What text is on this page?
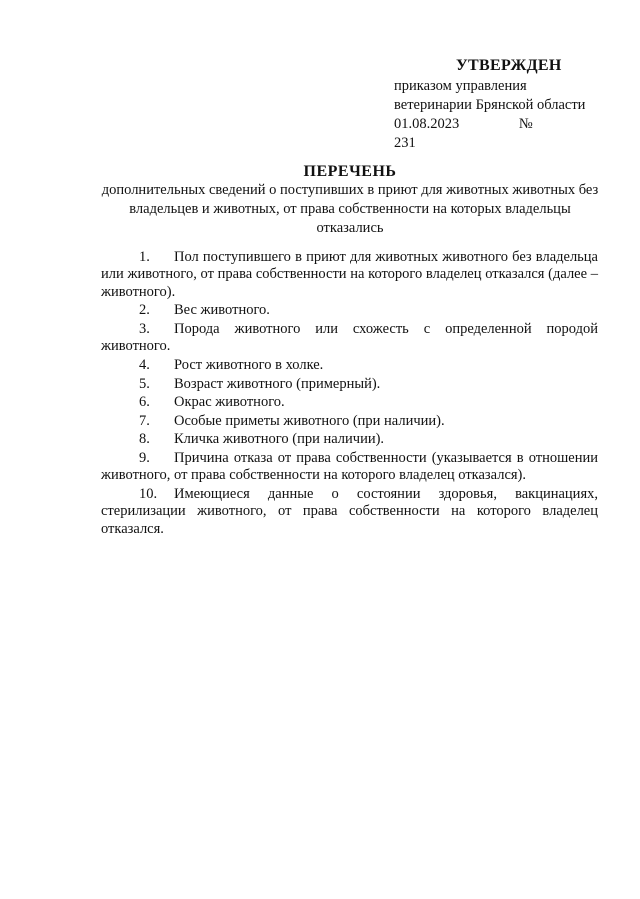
УТВЕРЖДЕН
приказом управления
ветеринарии Брянской области
01.08.2023	№
231
ПЕРЕЧЕНЬ
дополнительных сведений о поступивших в приют для животных животных без владельцев и животных, от права собственности на которых владельцы отказались

1. Пол поступившего в приют для животных животного без владельца или животного, от права собственности на которого владелец отказался (далее – животного).

2. Вес животного.

3. Порода животного или схожесть с определенной породой животного.

4. Рост животного в холке.

5. Возраст животного (примерный).

6. Окрас животного.

7. Особые приметы животного (при наличии).

8. Кличка животного (при наличии).

9. Причина отказа от права собственности (указывается в отношении животного, от права собственности на которого владелец отказался).

10. Имеющиеся данные о состоянии здоровья, вакцинациях, стерилизации животного, от права собственности на которого владелец отказался.
